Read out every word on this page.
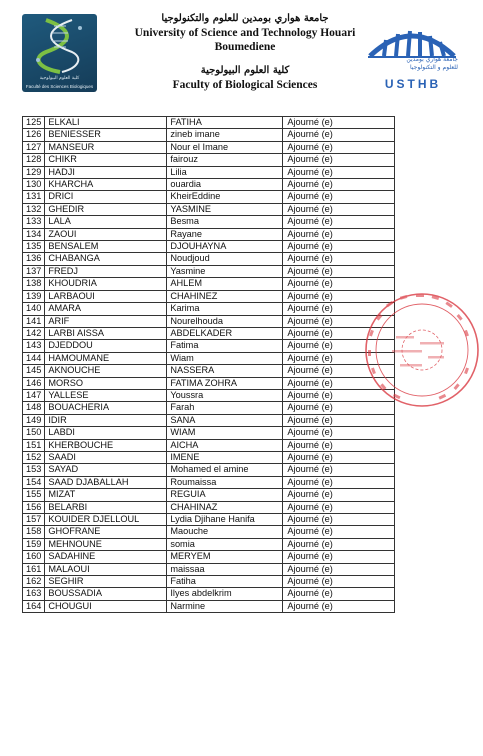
كلية العلوم البيولوجية
Faculté des Sciences Biologiques
جامعة هواري بومدين للعلوم والتكنولوجيا
University of Science and Technology Houari
Boumediene
كلية العلوم البيولوجية
Faculty of Biological Sciences
جامعة هواري بومدين
للعلوم و التكنولوجيا
USTHB
125	ELKALI	FATIHA	Ajourné (e)
126	BENIESSER	zineb imane	Ajourné (e)
127	MANSEUR	Nour el Imane	Ajourné (e)
128	CHIKR	fairouz	Ajourné (e)
129	HADJI	Lilia	Ajourné (e)
130	KHARCHA	ouardia	Ajourné (e)
131	DRICI	KheirEddine	Ajourné (e)
132	GHEDIR	YASMINE	Ajourné (e)
133	LALA	Besma	Ajourné (e)
134	ZAOUI	Rayane	Ajourné (e)
135	BENSALEM	DJOUHAYNA	Ajourné (e)
136	CHABANGA	Noudjoud	Ajourné (e)
137	FREDJ	Yasmine	Ajourné (e)
138	KHOUDRIA	AHLEM	Ajourné (e)
139	LARBAOUI	CHAHINEZ	Ajourné (e)
140	AMARA	Karima	Ajourné (e)
141	ARIF	Nourelhouda	Ajourné (e)
142	LARBI AISSA	ABDELKADER	Ajourné (e)
143	DJEDDOU	Fatima	Ajourné (e)
144	HAMOUMANE	Wiam	Ajourné (e)
145	AKNOUCHE	NASSERA	Ajourné (e)
146	MORSO	FATIMA ZOHRA	Ajourné (e)
147	YALLESE	Youssra	Ajourné (e)
148	BOUACHERIA	Farah	Ajourné (e)
149	IDIR	SANA	Ajourné (e)
150	LABDI	WIAM	Ajourné (e)
151	KHERBOUCHE	AICHA	Ajourné (e)
152	SAADI	IMENE	Ajourné (e)
153	SAYAD	Mohamed el amine	Ajourné (e)
154	SAAD DJABALLAH	Roumaissa	Ajourné (e)
155	MIZAT	REGUIA	Ajourné (e)
156	BELARBI	CHAHINAZ	Ajourné (e)
157	KOUIDER DJELLOUL	Lydia Djihane Hanifa	Ajourné (e)
158	GHOFRANE	Maouche	Ajourné (e)
159	MEHNOUNE	somia	Ajourné (e)
160	SADAHINE	MERYEM	Ajourné (e)
161	MALAOUI	maissaa	Ajourné (e)
162	SEGHIR	Fatiha	Ajourné (e)
163	BOUSSADIA	Ilyes abdelkrim	Ajourné (e)
164	CHOUGUI	Narmine	Ajourné (e)
